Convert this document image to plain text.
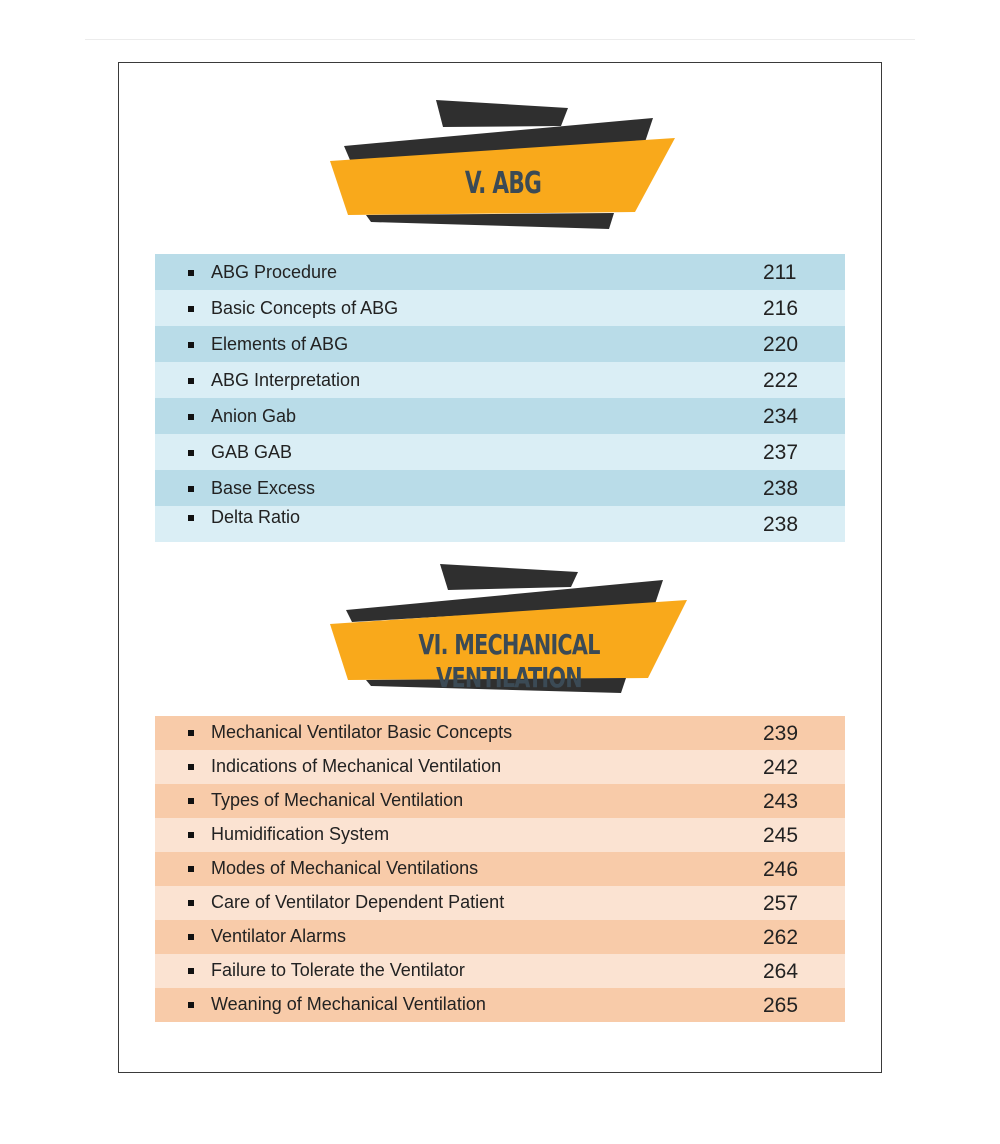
V. ABG
ABG Procedure	211
Basic Concepts of ABG	216
Elements of ABG	220
ABG Interpretation	222
Anion Gab	234
GAB GAB	237
Base Excess	238
Delta Ratio	238
VI. MECHANICAL VENTILATION
Mechanical Ventilator Basic Concepts	239
Indications of Mechanical Ventilation	242
Types of Mechanical Ventilation	243
Humidification System	245
Modes of Mechanical Ventilations	246
Care of Ventilator Dependent Patient	257
Ventilator Alarms	262
Failure to Tolerate the Ventilator	264
Weaning of Mechanical Ventilation	265
